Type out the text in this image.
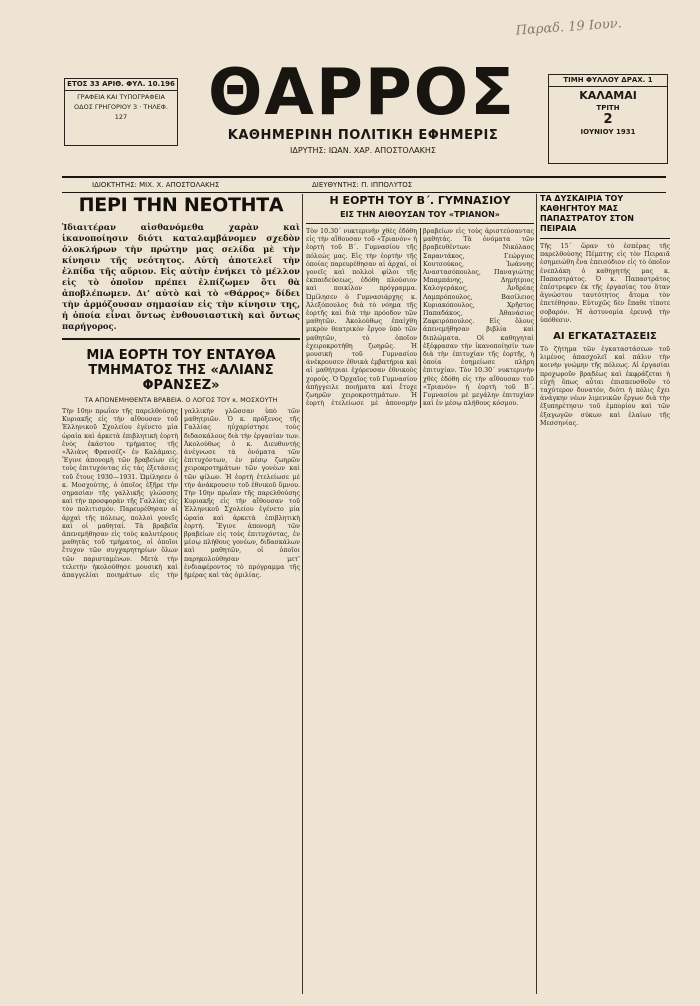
Παραδ. 19 Ιουν.
ΕΤΟΣ 33 ΑΡΙΘ. ΦΥΛ. 10.196
ΓΡΑΦΕΙΑ ΚΑΙ ΤΥΠΟΓΡΑΦΕΙΑ
ΟΔΟΣ ΓΡΗΓΟΡΙΟΥ 3 · ΤΗΛΕΦ. 127	ΘΑΡΡΟΣ
ΚΑΘΗΜΕΡΙΝΗ ΠΟΛΙΤΙΚΗ ΕΦΗΜΕΡΙΣ
ΙΔΡΥΤΗΣ: ΙΩΑΝ. ΧΑΡ. ΑΠΟΣΤΟΛΑΚΗΣ
ΤΙΜΗ ΦΥΛΛΟΥ ΔΡΑΧ. 1
ΚΑΛΑΜΑΙ
ΤΡΙΤΗ
2
ΙΟΥΝΙΟΥ 1931
ΙΔΙΟΚΤΗΤΗΣ: ΜΙΧ. Χ. ΑΠΟΣΤΟΛΑΚΗΣ	ΔΙΕΥΘΥΝΤΗΣ: Π. ΙΠΠΟΛΥΤΟΣ
ΠΕΡΙ ΤΗΝ ΝΕΟΤΗΤΑ

Ἰδιαιτέραν αἰσθανόμεθα χαρὰν καὶ ἱκανοποίησιν διότι καταλαμβάνομεν σχεδὸν ὁλοκλήρων τὴν πρώτην μας σελίδα μὲ τὴν κίνησιν τῆς νεότητος. Αὐτὴ ἀποτελεῖ τὴν ἐλπίδα τῆς αὔριον. Εἰς αὐτὴν ἐνήκει τὸ μέλλον εἰς τὸ ὁποῖον πρέπει ἐλπίζωμεν ὅτι θὰ ἀποβλέπωμεν. Δι’ αὐτὸ καὶ τὸ «Θάρρος» δίδει τὴν ἀρμόζουσαν σημασίαν εἰς τὴν κίνησιν της, ἡ ὁποία εἶναι ὄντως ἐνθουσιαστικὴ καὶ ὄντως παρήγορος.

ΜΙΑ ΕΟΡΤΗ ΤΟΥ ΕΝΤΑΥΘΑ ΤΜΗΜΑΤΟΣ ΤΗΣ «ΑΛΙΑΝΣ ΦΡΑΝΣΕΖ»
ΤΑ ΑΠΟΝΕΜΗΘΕΝΤΑ ΒΡΑΒΕΙΑ. Ο ΛΟΓΟΣ ΤΟΥ κ. ΜΟΣΧΟΥΤΗ

Τὴν 10ην πρωΐαν τῆς παρελθούσης Κυριακῆς εἰς τὴν αἴθουσαν τοῦ Ἑλληνικοῦ Σχολείου ἐγένετο μία ὡραία καὶ ἀρκετὰ ἐπιβλητικὴ ἑορτὴ ἑνὸς ἑκάστου τμήματος τῆς «Ἀλιὰνς Φρανσέζ» ἐν Καλάμαις. Ἔγινε ἀπονομὴ τῶν βραβείων εἰς τοὺς ἐπιτυχόντας εἰς τὰς ἐξετάσεις τοῦ ἔτους 1930—1931. Ὡμίλησεν ὁ κ. Μοσχούτης, ὁ ὁποῖος ἐξῆρε τὴν σημασίαν τῆς γαλλικῆς γλώσσης καὶ τὴν προσφορὰν τῆς Γαλλίας εἰς τὸν πολιτισμόν. Παρευρέθησαν αἱ ἀρχαὶ τῆς πόλεως, πολλοὶ γονεῖς καὶ οἱ μαθηταί. Τὰ βραβεῖα ἀπενεμήθησαν εἰς τοὺς καλυτέρους μαθητὰς τοῦ τμήματος, οἱ ὁποῖοι ἔτυχον τῶν συγχαρητηρίων ὅλων τῶν παρισταμένων. Μετὰ τὴν τελετὴν ἠκολούθησε μουσικὴ καὶ ἀπαγγελίαι ποιημάτων εἰς τὴν γαλλικὴν γλῶσσαν ὑπὸ τῶν μαθητριῶν. Ὁ κ. πρόξενος τῆς Γαλλίας ηὐχαρίστησε τοὺς διδασκάλους διὰ τὴν ἐργασίαν των. Ἀκολούθως ὁ κ. Διευθυντὴς ἀνέγνωσε τὰ ὀνόματα τῶν ἐπιτυχόντων, ἐν μέσῳ ζωηρῶν χειροκροτημάτων τῶν γονέων καὶ τῶν φίλων. Ἡ ἑορτὴ ἐτελείωσε μὲ τὴν ἀνάκρουσιν τοῦ ἐθνικοῦ ὕμνου. Τὴν 10ην πρωΐαν τῆς παρελθούσης Κυριακῆς εἰς τὴν αἴθουσαν τοῦ Ἑλληνικοῦ Σχολείου ἐγένετο μία ὡραία καὶ ἀρκετὰ ἐπιβλητικὴ ἑορτή. Ἔγινε ἀπονομὴ τῶν βραβείων εἰς τοὺς ἐπιτυχόντας, ἐν μέσῳ πλήθους γονέων, διδασκάλων καὶ μαθητῶν, οἱ ὁποῖοι παρηκολούθησαν μετ’ ἐνδιαφέροντος τὸ πρόγραμμα τῆς ἡμέρας καὶ τὰς ὁμιλίας.

Η ΕΟΡΤΗ ΤΟΥ Β΄. ΓΥΜΝΑΣΙΟΥ
ΕΙΣ ΤΗΝ ΑΙΘΟΥΣΑΝ ΤΟΥ «ΤΡΙΑΝΟΝ»

Τὸν 10.30΄ νυκτερινὴν χθὲς ἐδόθη εἰς τὴν αἴθουσαν τοῦ «Τριανόν» ἡ ἑορτὴ τοῦ Β΄. Γυμνασίου τῆς πόλεώς μας. Εἰς τὴν ἑορτὴν τῆς ὁποίας παρευρέθησαν αἱ ἀρχαί, οἱ γονεῖς καὶ πολλοὶ φίλοι τῆς ἐκπαιδεύσεως, ἐδόθη πλούσιον καὶ ποικίλον πρόγραμμα. Ὡμίλησεν ὁ Γυμνασιάρχης κ. Ἀλεξόπουλος διὰ τὸ νόημα τῆς ἑορτῆς καὶ διὰ τὴν πρόοδον τῶν μαθητῶν. Ἀκολούθως ἐπαίχθη μικρὸν θεατρικὸν ἔργον ὑπὸ τῶν μαθητῶν, τὸ ὁποῖον ἐχειροκροτήθη ζωηρῶς. Ἡ μουσικὴ τοῦ Γυμνασίου ἀνέκρουσεν ἐθνικὰ ἐμβατήρια καὶ αἱ μαθήτριαι ἐχόρευσαν ἐθνικοὺς χορούς. Ὁ Ὀρχαῖος τοῦ Γυμνασίου ἀπήγγειλε ποιήματα καὶ ἔτυχε ζωηρῶν χειροκροτημάτων. Ἡ ἑορτὴ ἐτελείωσε μὲ ἀπονομὴν βραβείων εἰς τοὺς ἀριστεύσαντας μαθητάς. Τὰ ὀνόματα τῶν βραβευθέντων: Νικόλαος Σαραντάκος, Γεώργιος Κουτσούκος, Ἰωάννης Ἀναστασόπουλος, Παναγιώτης Μπαμπάνης, Δημήτριος Καλογεράκος, Ἀνδρέας Λαμπρόπουλος, Βασίλειος Κυριακόπουλος, Χρῆστος Παπαδάκος, Ἀθανάσιος Ζαφειρόπουλος. Εἰς ὅλους ἀπενεμήθησαν βιβλία καὶ διπλώματα. Οἱ καθηγηταὶ ἐξέφρασαν τὴν ἱκανοποίησίν των διὰ τὴν ἐπιτυχίαν τῆς ἑορτῆς, ἡ ὁποία ἐσημείωσε πλήρη ἐπιτυχίαν. Τὸν 10.30΄ νυκτερινὴν χθὲς ἐδόθη εἰς τὴν αἴθουσαν τοῦ «Τριανόν» ἡ ἑορτὴ τοῦ Β΄. Γυμνασίου μὲ μεγάλην ἐπιτυχίαν καὶ ἐν μέσῳ πλήθους κόσμου.

ΤΑ ΔΥΣΚΑΙΡΙΑ ΤΟΥ ΚΑΘΗΓΗΤΟΥ ΜΑΣ ΠΑΠΑΣΤΡΑΤΟΥ ΣΤΟΝ ΠΕΙΡΑΙΑ

Τῆς 15΄ ὥραν τὸ ἑσπέρας τῆς παρελθούσης Πέμπτης εἰς τὸν Πειραιᾶ ἐσημειώθη ἕνα ἐπεισόδιον εἰς τὸ ὁποῖον ἐνεπλάκη ὁ καθηγητής μας κ. Παπαστράτος. Ὁ κ. Παπαστράτος ἐπέστρεφεν ἐκ τῆς ἐργασίας του ὅταν ἀγνώστου ταυτότητος ἄτομα τὸν ἐπετέθησαν. Εὐτυχῶς δὲν ἔπαθε τίποτε σοβαρόν. Ἡ ἀστυνομία ἐρευνᾷ τὴν ὑπόθεσιν.

ΑΙ ΕΓΚΑΤΑΣΤΑΣΕΙΣ

Τὸ ζήτημα τῶν ἐγκαταστάσεων τοῦ λιμένος ἀπασχολεῖ καὶ πάλιν τὴν κοινὴν γνώμην τῆς πόλεως. Αἱ ἐργασίαι προχωροῦν βραδέως καὶ ἐκφράζεται ἡ εὐχὴ ὅπως αὗται ἐπισπευσθοῦν τὸ ταχύτερον δυνατόν, διότι ἡ πόλις ἔχει ἀνάγκην νέων λιμενικῶν ἔργων διὰ τὴν ἐξυπηρέτησιν τοῦ ἐμπορίου καὶ τῶν ἐξαγωγῶν σύκων καὶ ἐλαίων τῆς Μεσσηνίας.
